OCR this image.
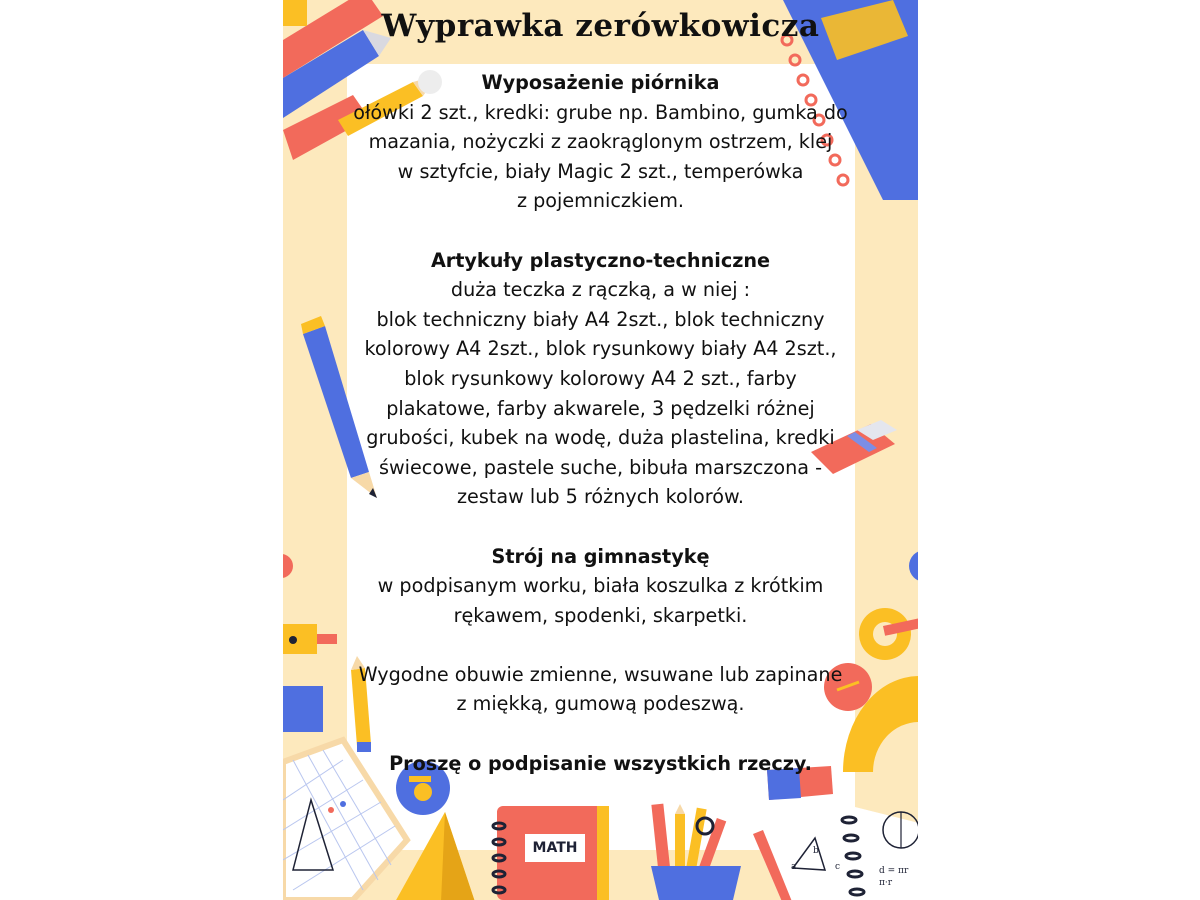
MATH
a
b
c	d = πr
π·r
Wyprawka zerówkowicza
Wyposażenie piórnika
ołówki 2 szt., kredki: grube np. Bambino, gumka do
mazania, nożyczki z zaokrąglonym ostrzem, klej
w sztyfcie, biały Magic 2 szt., temperówka
z pojemniczkiem.
Artykuły plastyczno-techniczne
duża teczka z rączką, a w niej :
blok techniczny biały A4 2szt., blok techniczny
kolorowy A4 2szt., blok rysunkowy biały A4 2szt.,
blok rysunkowy kolorowy A4 2 szt., farby
plakatowe, farby akwarele, 3 pędzelki różnej
grubości, kubek na wodę, duża plastelina, kredki
świecowe, pastele suche, bibuła marszczona -
zestaw lub 5 różnych kolorów.
Strój na gimnastykę
w podpisanym worku, biała koszulka z krótkim
rękawem, spodenki, skarpetki.
Wygodne obuwie zmienne, wsuwane lub zapinane
z miękką, gumową podeszwą.
Proszę o podpisanie wszystkich rzeczy.
